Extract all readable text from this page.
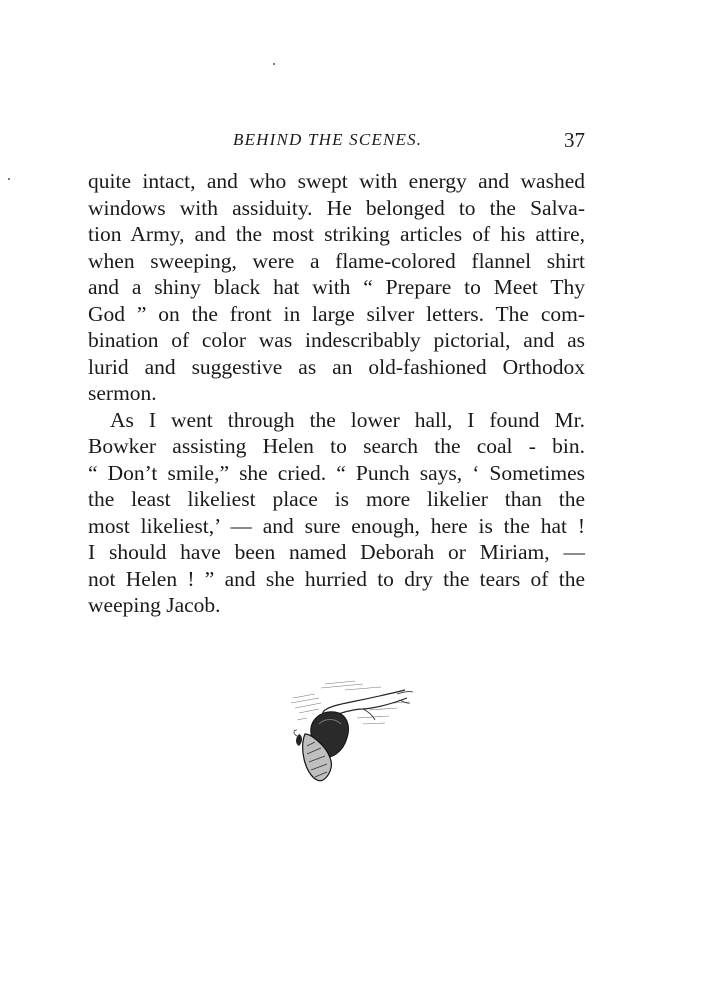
BEHIND THE SCENES.	37
quite intact, and who swept with energy and washed
windows with assiduity. He belonged to the Salva-
tion Army, and the most striking articles of his attire,
when sweeping, were a flame-colored flannel shirt
and a shiny black hat with “ Prepare to Meet Thy
God ” on the front in large silver letters. The com-
bination of color was indescribably pictorial, and as
lurid and suggestive as an old-fashioned Orthodox
sermon.
As I went through the lower hall, I found Mr.
Bowker assisting Helen to search the coal - bin.
“ Don’t smile,” she cried. “ Punch says, ‘ Sometimes
the least likeliest place is more likelier than the
most likeliest,’ — and sure enough, here is the hat !
I should have been named Deborah or Miriam, —
not Helen ! ” and she hurried to dry the tears of the
weeping Jacob.
